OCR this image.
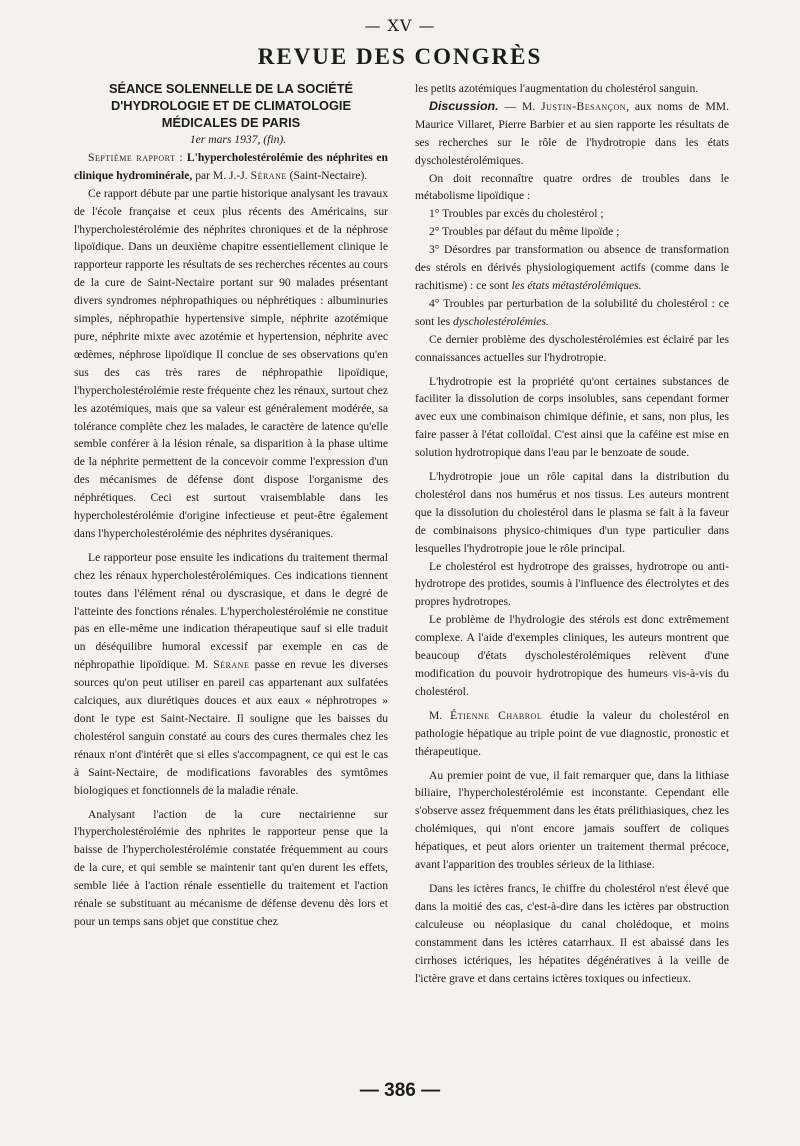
— XV —
REVUE DES CONGRÈS
SÉANCE SOLENNELLE DE LA SOCIÉTÉ
D'HYDROLOGIE ET DE CLIMATOLOGIE
MÉDICALES DE PARIS

1er mars 1937, (fin).

Septième rapport : L'hypercholestérolémie des néphrites en clinique hydrominérale, par M. J.-J. Sérane (Saint-Nectaire).

Ce rapport débute par une partie historique analysant les travaux de l'école française et ceux plus récents des Américains, sur l'hypercholestérolémie des néphrites chroniques et de la néphrose lipoïdique. Dans un deuxième chapitre essentiellement clinique le rapporteur rapporte les résultats de ses recherches récentes au cours de la cure de Saint-Nectaire portant sur 90 malades présentant divers syndromes néphropathiques ou néphrétiques : albuminuries simples, néphropathie hypertensive simple, néphrite azotémique pure, néphrite mixte avec azotémie et hypertension, néphrite avec œdèmes, néphrose lipoïdique Il conclue de ses observations qu'en sus des cas très rares de néphropathie lipoïdique, l'hypercholestérolémie reste fréquente chez les rénaux, surtout chez les azotémiques, mais que sa valeur est généralement modérée, sa tolérance complète chez les malades, le caractère de latence qu'elle semble conférer à la lésion rénale, sa disparition à la phase ultime de la néphrite permettent de la concevoir comme l'expression d'un des mécanismes de défense dont dispose l'organisme des néphrétiques. Ceci est surtout vraisemblable dans les hypercholestérolémie d'origine infectieuse et peut-être également dans l'hypercholestérolémie des néphrites dyséraniques.

Le rapporteur pose ensuite les indications du traitement thermal chez les rénaux hypercholestérolémiques. Ces indications tiennent toutes dans l'élément rénal ou dyscrasique, et dans le degré de l'atteinte des fonctions rénales. L'hypercholestérolémie ne constitue pas en elle-même une indication thérapeutique sauf si elle traduit un déséquilibre humoral excessif par exemple en cas de néphropathie lipoïdique. M. Sérane passe en revue les diverses sources qu'on peut utiliser en pareil cas appartenant aux sulfatées calciques, aux diurétiques douces et aux eaux « néphrotropes » dont le type est Saint-Nectaire. Il souligne que les baisses du cholestérol sanguin constaté au cours des cures thermales chez les rénaux n'ont d'intérêt que si elles s'accompagnent, ce qui est le cas à Saint-Nectaire, de modifications favorables des symtômes biologiques et fonctionnels de la maladie rénale.

Analysant l'action de la cure nectairienne sur l'hypercholestérolémie des nphrites le rapporteur pense que la baisse de l'hypercholestérolémie constatée fréquemment au cours de la cure, et qui semble se maintenir tant qu'en durent les effets, semble liée à l'action rénale essentielle du traitement et l'action rénale se substituant au mécanisme de défense devenu dès lors et pour un temps sans objet que constitue chez

les petits azotémiques l'augmentation du cholestérol sanguin.

Discussion. — M. Justin-Besançon, aux noms de MM. Maurice Villaret, Pierre Barbier et au sien rapporte les résultats de ses recherches sur le rôle de l'hydrotropie dans les états dyscholestérolémiques.

On doit reconnaître quatre ordres de troubles dans le métabolisme lipoïdique :

1° Troubles par excès du cholestérol ;

2° Troubles par défaut du même lipoïde ;

3° Désordres par transformation ou absence de transformation des stérols en dérivés physiologiquement actifs (comme dans le rachitisme) : ce sont les états métastérolémiques.

4° Troubles par perturbation de la solubilité du cholestérol : ce sont les dyscholestérolémies.

Ce dernier problème des dyscholestérolémies est éclairé par les connaissances actuelles sur l'hydrotropie.

L'hydrotropie est la propriété qu'ont certaines substances de faciliter la dissolution de corps insolubles, sans cependant former avec eux une combinaison chimique définie, et sans, non plus, les faire passer à l'état colloïdal. C'est ainsi que la caféine est mise en solution hydrotropique dans l'eau par le benzoate de soude.

L'hydrotropie joue un rôle capital dans la distribution du cholestérol dans nos humérus et nos tissus. Les auteurs montrent que la dissolution du cholestérol dans le plasma se fait à la faveur de combinaisons physico-chimiques d'un type particulier dans lesquelles l'hydrotropie joue le rôle principal.

Le cholestérol est hydrotrope des graisses, hydrotrope ou anti-hydrotrope des protides, soumis à l'influence des électrolytes et des propres hydrotropes.

Le problème de l'hydrologie des stérols est donc extrêmement complexe. A l'aide d'exemples cliniques, les auteurs montrent que beaucoup d'états dyscholestérolémiques relèvent d'une modification du pouvoir hydrotropique des humeurs vis-à-vis du cholestérol.

M. Étienne Chabrol étudie la valeur du cholestérol en pathologie hépatique au triple point de vue diagnostic, pronostic et thérapeutique.

Au premier point de vue, il fait remarquer que, dans la lithiase biliaire, l'hypercholestérolémie est inconstante. Cependant elle s'observe assez fréquemment dans les états prélithiasiques, chez les cholémiques, qui n'ont encore jamais souffert de coliques hépatiques, et peut alors orienter un traitement thermal précoce, avant l'apparition des troubles sérieux de la lithiase.

Dans les ictères francs, le chiffre du cholestérol n'est élevé que dans la moitié des cas, c'est-à-dire dans les ictères par obstruction calculeuse ou néoplasique du canal cholédoque, et moins constamment dans les ictères catarrhaux. Il est abaissé dans les cirrhoses ictériques, les hépatites dégénératives à la veille de l'ictère grave et dans certains ictères toxiques ou infectieux.

— 386 —
